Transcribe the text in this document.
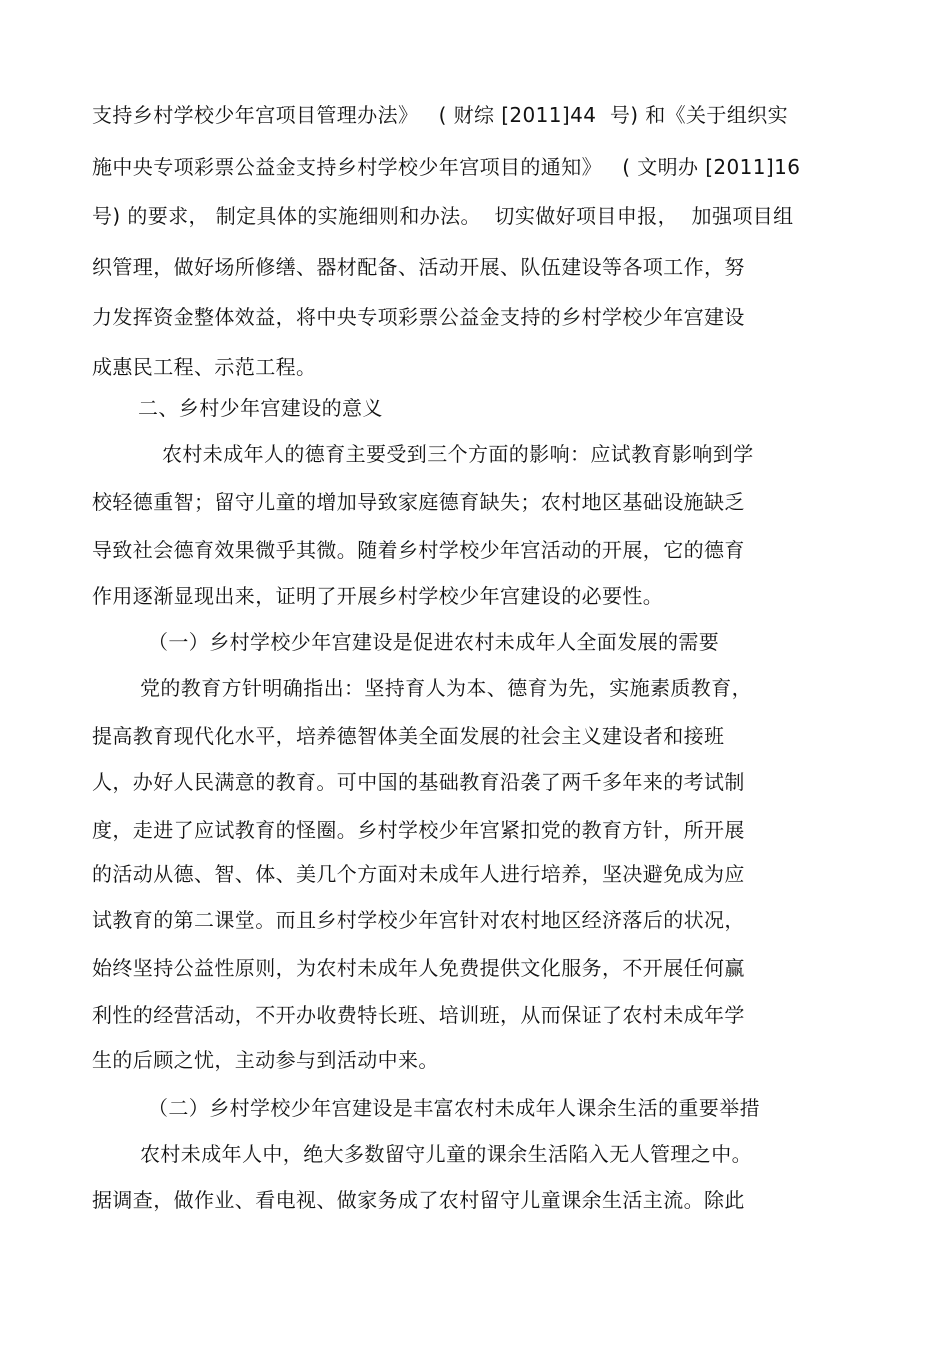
支持乡村学校少年宫项目管理办法》   ( 财综 [2011]44  号) 和《关于组织实
施中央专项彩票公益金支持乡村学校少年宫项目的通知》   ( 文明办 [2011]16
号) 的要求， 制定具体的实施细则和办法。  切实做好项目申报，  加强项目组
织管理，做好场所修缮、器材配备、活动开展、队伍建设等各项工作，努
力发挥资金整体效益，将中央专项彩票公益金支持的乡村学校少年宫建设
成惠民工程、示范工程。
二、乡村少年宫建设的意义
农村未成年人的德育主要受到三个方面的影响：应试教育影响到学
校轻德重智；留守儿童的增加导致家庭德育缺失；农村地区基础设施缺乏
导致社会德育效果微乎其微。随着乡村学校少年宫活动的开展，它的德育
作用逐渐显现出来，证明了开展乡村学校少年宫建设的必要性。
（一）乡村学校少年宫建设是促进农村未成年人全面发展的需要
党的教育方针明确指出：坚持育人为本、德育为先，实施素质教育，
提高教育现代化水平，培养德智体美全面发展的社会主义建设者和接班
人，办好人民满意的教育。可中国的基础教育沿袭了两千多年来的考试制
度，走进了应试教育的怪圈。乡村学校少年宫紧扣党的教育方针，所开展
的活动从德、智、体、美几个方面对未成年人进行培养，坚决避免成为应
试教育的第二课堂。而且乡村学校少年宫针对农村地区经济落后的状况，
始终坚持公益性原则，为农村未成年人免费提供文化服务，不开展任何赢
利性的经营活动，不开办收费特长班、培训班，从而保证了农村未成年学
生的后顾之忧，主动参与到活动中来。
（二）乡村学校少年宫建设是丰富农村未成年人课余生活的重要举措
农村未成年人中，绝大多数留守儿童的课余生活陷入无人管理之中。
据调查，做作业、看电视、做家务成了农村留守儿童课余生活主流。除此
